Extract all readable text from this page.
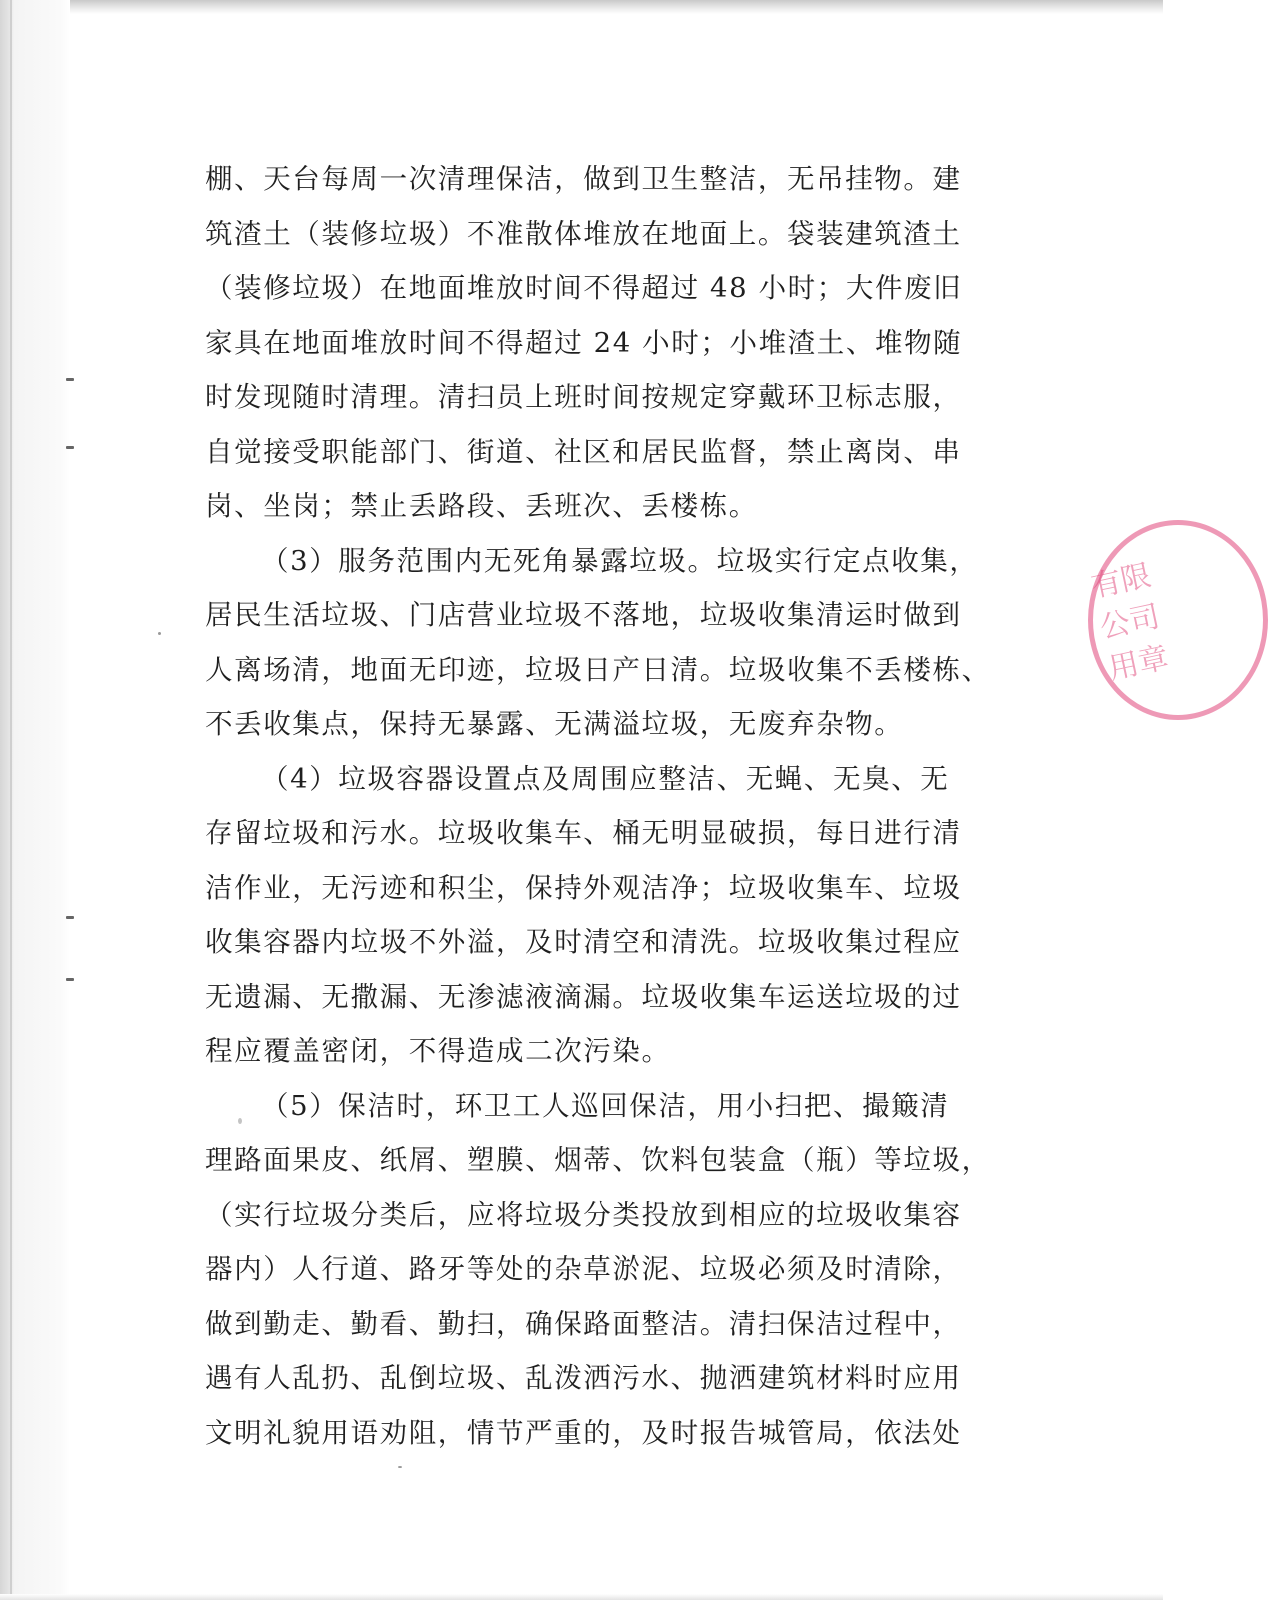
棚、天台每周一次清理保洁，做到卫生整洁，无吊挂物。建
筑渣土（装修垃圾）不准散体堆放在地面上。袋装建筑渣土
（装修垃圾）在地面堆放时间不得超过 48 小时；大件废旧
家具在地面堆放时间不得超过 24 小时；小堆渣土、堆物随
时发现随时清理。清扫员上班时间按规定穿戴环卫标志服，
自觉接受职能部门、街道、社区和居民监督，禁止离岗、串
岗、坐岗；禁止丢路段、丢班次、丢楼栋。
（3）服务范围内无死角暴露垃圾。垃圾实行定点收集，
居民生活垃圾、门店营业垃圾不落地，垃圾收集清运时做到
人离场清，地面无印迹，垃圾日产日清。垃圾收集不丢楼栋、
不丢收集点，保持无暴露、无满溢垃圾，无废弃杂物。
（4）垃圾容器设置点及周围应整洁、无蝇、无臭、无
存留垃圾和污水。垃圾收集车、桶无明显破损，每日进行清
洁作业，无污迹和积尘，保持外观洁净；垃圾收集车、垃圾
收集容器内垃圾不外溢，及时清空和清洗。垃圾收集过程应
无遗漏、无撒漏、无渗滤液滴漏。垃圾收集车运送垃圾的过
程应覆盖密闭，不得造成二次污染。
（5）保洁时，环卫工人巡回保洁，用小扫把、撮簸清
理路面果皮、纸屑、塑膜、烟蒂、饮料包装盒（瓶）等垃圾，
（实行垃圾分类后，应将垃圾分类投放到相应的垃圾收集容
器内）人行道、路牙等处的杂草淤泥、垃圾必须及时清除，
做到勤走、勤看、勤扫，确保路面整洁。清扫保洁过程中，
遇有人乱扔、乱倒垃圾、乱泼洒污水、抛洒建筑材料时应用
文明礼貌用语劝阻，情节严重的，及时报告城管局，依法处
有限公司
用章
